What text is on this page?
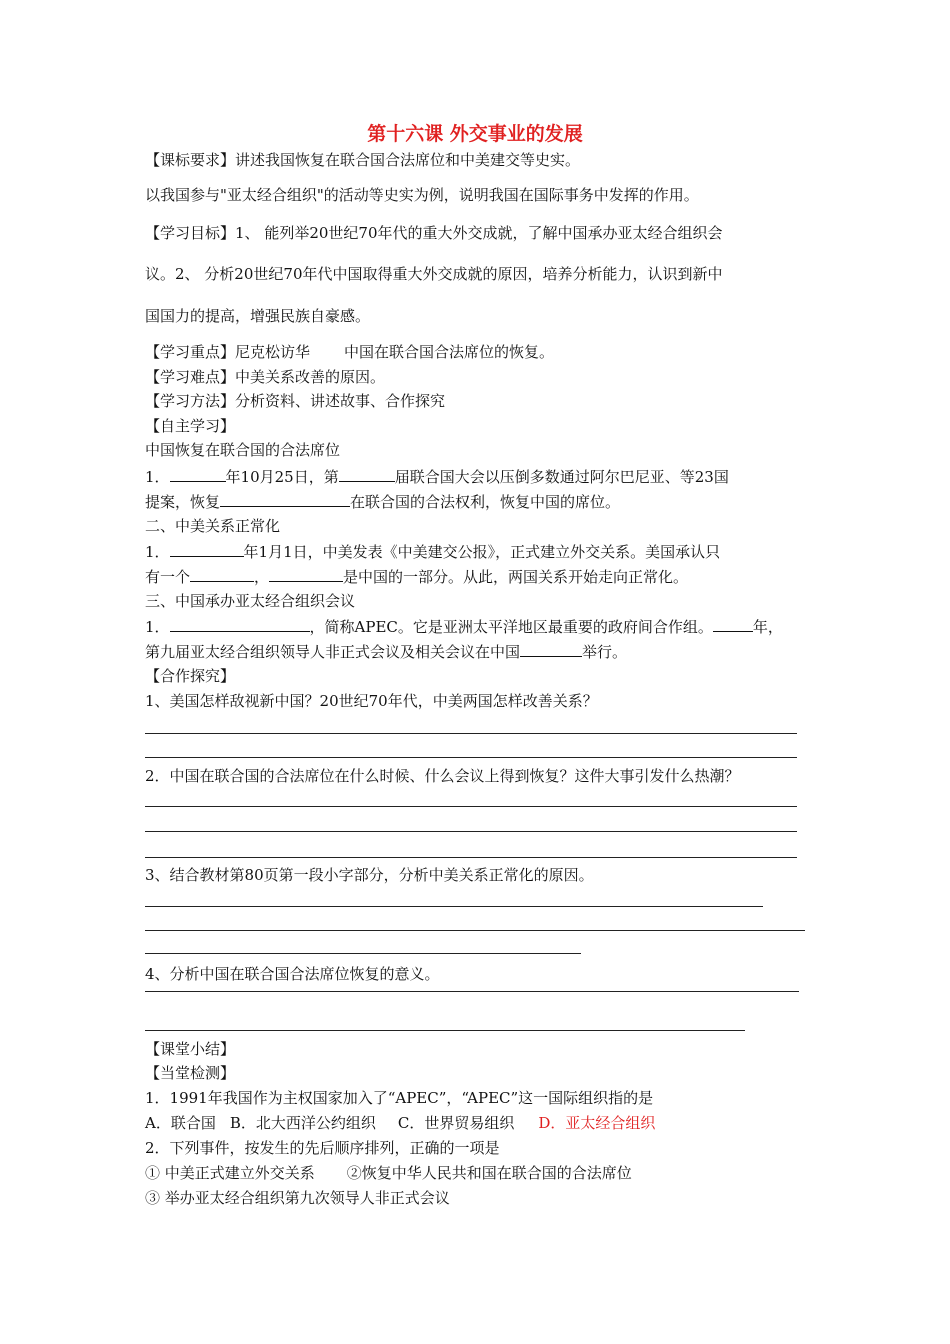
第十六课 外交事业的发展
【课标要求】讲述我国恢复在联合国合法席位和中美建交等史实。
以我国参与"亚太经合组织"的活动等史实为例，说明我国在国际事务中发挥的作用。
【学习目标】1、 能列举20世纪70年代的重大外交成就，了解中国承办亚太经合组织会
议。2、 分析20世纪70年代中国取得重大外交成就的原因，培养分析能力，认识到新中
国国力的提高，增强民族自豪感。
【学习重点】尼克松访华 中国在联合国合法席位的恢复。
【学习难点】中美关系改善的原因。
【学习方法】分析资料、讲述故事、合作探究
【自主学习】
中国恢复在联合国的合法席位
1．	年10月25日，第	届联合国大会以压倒多数通过阿尔巴尼亚、等23国
提案，恢复	在联合国的合法权利，恢复中国的席位。
二、中美关系正常化
1．	年1月1日，中美发表《中美建交公报》，正式建立外交关系。美国承认只
有一个	，	是中国的一部分。从此，两国关系开始走向正常化。
三、中国承办亚太经合组织会议
1．	，简称APEC。它是亚洲太平洋地区最重要的政府间合作组。	年，
第九届亚太经合组织领导人非正式会议及相关会议在中国	举行。
【合作探究】
1、美国怎样敌视新中国？20世纪70年代，中美两国怎样改善关系？
2．中国在联合国的合法席位在什么时候、什么会议上得到恢复？这件大事引发什么热潮？
3、结合教材第80页第一段小字部分，分析中美关系正常化的原因。
4、分析中国在联合国合法席位恢复的意义。
【课堂小结】
【当堂检测】
1．1991年我国作为主权国家加入了“APEC”，“APEC”这一国际组织指的是
A．联合国 B．北大西洋公约组织 C．世界贸易组织 D．亚太经合组织
2．下列事件，按发生的先后顺序排列，正确的一项是
① 中美正式建立外交关系 ②恢复中华人民共和国在联合国的合法席位
③ 举办亚太经合组织第九次领导人非正式会议
